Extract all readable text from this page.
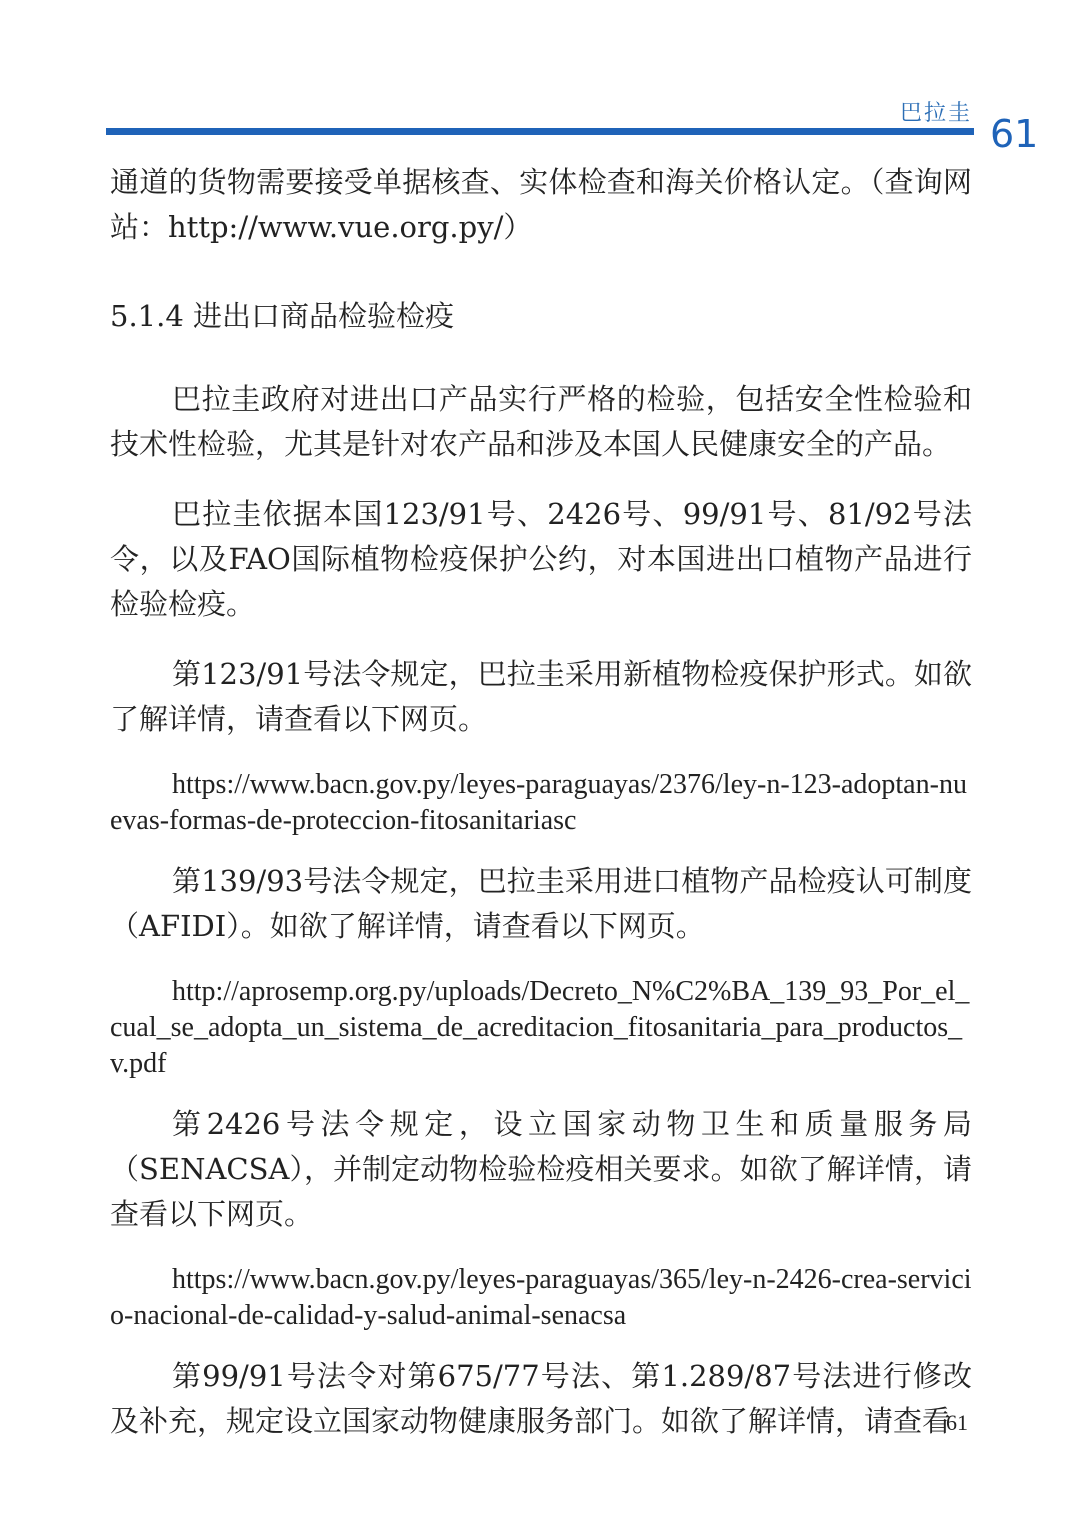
巴拉圭 61

通道的货物需要接受单据核查、实体检查和海关价格认定。（查询网站：http://www.vue.org.py/）

5.1.4 进出口商品检验检疫

巴拉圭政府对进出口产品实行严格的检验，包括安全性检验和技术性检验，尤其是针对农产品和涉及本国人民健康安全的产品。

巴拉圭依据本国123/91号、2426号、99/91号、81/92号法令，以及FAO国际植物检疫保护公约，对本国进出口植物产品进行检验检疫。

第123/91号法令规定，巴拉圭采用新植物检疫保护形式。如欲了解详情，请查看以下网页。

https://www.bacn.gov.py/leyes-paraguayas/2376/ley-n-123-adoptan-nuevas-formas-de-proteccion-fitosanitariasc

第139/93号法令规定，巴拉圭采用进口植物产品检疫认可制度（AFIDI）。如欲了解详情，请查看以下网页。

http://aprosemp.org.py/uploads/Decreto_N%C2%BA_139_93_Por_el_cual_se_adopta_un_sistema_de_acreditacion_fitosanitaria_para_productos_v.pdf

第2426号法令规定，设立国家动物卫生和质量服务局（SENACSA），并制定动物检验检疫相关要求。如欲了解详情，请查看以下网页。

https://www.bacn.gov.py/leyes-paraguayas/365/ley-n-2426-crea-servicio-nacional-de-calidad-y-salud-animal-senacsa

第99/91号法令对第675/77号法、第1.289/87号法进行修改及补充，规定设立国家动物健康服务部门。如欲了解详情，请查看

61
